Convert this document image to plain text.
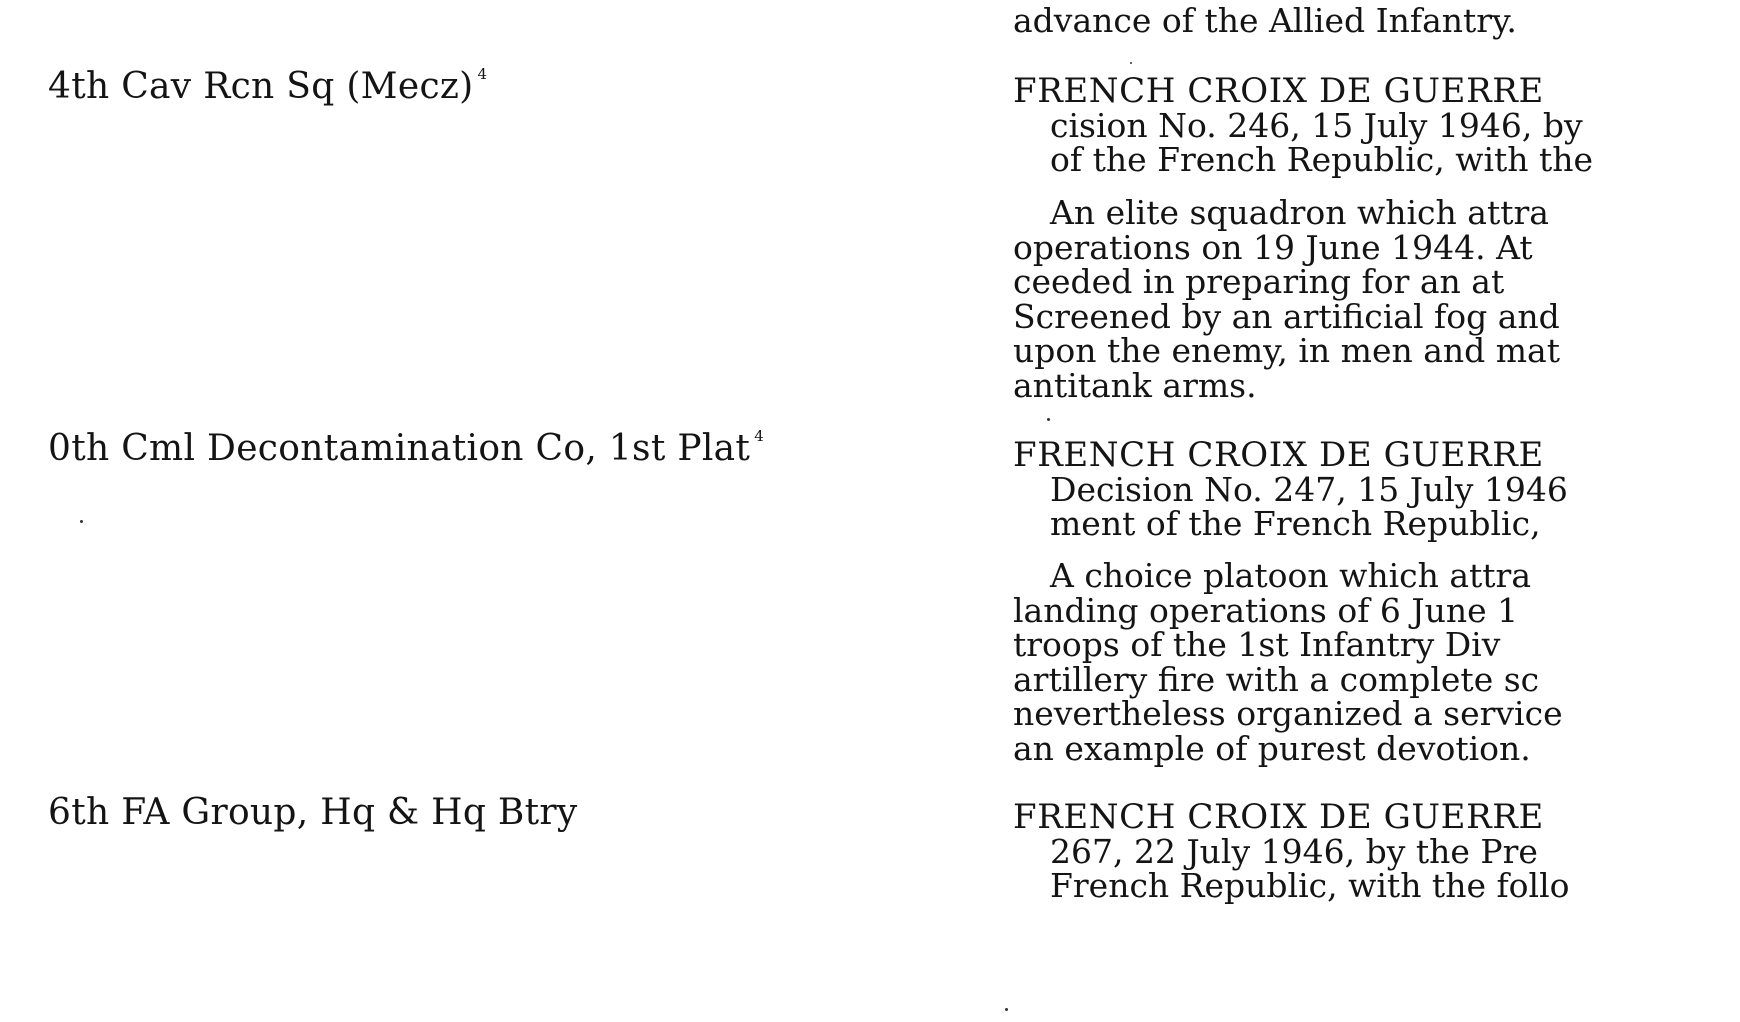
advance of the Allied Infantry.
4th Cav Rcn Sq (Mecz) $^4$	FRENCH CROIX DE GUERRE
cision No. 246, 15 July 1946, by
of the French Republic, with the
An elite squadron which attra
operations on 19 June 1944. At
ceeded in preparing for an at
Screened by an artificial fog and
upon the enemy, in men and mat
antitank arms.
0th Cml Decontamination Co, 1st Plat $^4$	FRENCH CROIX DE GUERRE
Decision No. 247, 15 July 1946
ment of the French Republic,
A choice platoon which attra
landing operations of 6 June 1
troops of the 1st Infantry Div
artillery fire with a complete sc
nevertheless organized a service
an example of purest devotion.
6th FA Group, Hq & Hq Btry	FRENCH CROIX DE GUERRE
267, 22 July 1946, by the Pre
French Republic, with the follo
